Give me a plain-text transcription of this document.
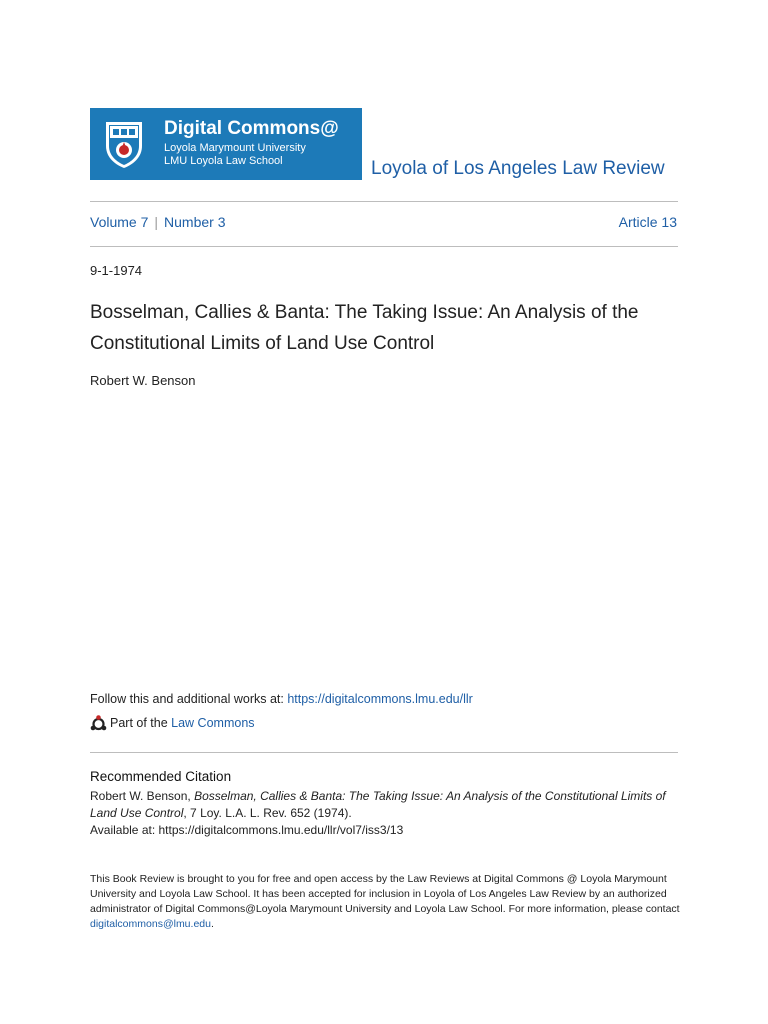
Digital Commons@
Loyola Marymount University
LMU Loyola Law School	Loyola of Los Angeles Law Review
Volume 7 | Number 3	Article 13
9-1-1974
Bosselman, Callies & Banta: The Taking Issue: An Analysis of the Constitutional Limits of Land Use Control
Robert W. Benson
Follow this and additional works at: https://digitalcommons.lmu.edu/llr
Part of the Law Commons
Recommended Citation
Robert W. Benson, Bosselman, Callies & Banta: The Taking Issue: An Analysis of the Constitutional Limits of Land Use Control, 7 Loy. L.A. L. Rev. 652 (1974).
Available at: https://digitalcommons.lmu.edu/llr/vol7/iss3/13
This Book Review is brought to you for free and open access by the Law Reviews at Digital Commons @ Loyola Marymount University and Loyola Law School. It has been accepted for inclusion in Loyola of Los Angeles Law Review by an authorized administrator of Digital Commons@Loyola Marymount University and Loyola Law School. For more information, please contact digitalcommons@lmu.edu.
